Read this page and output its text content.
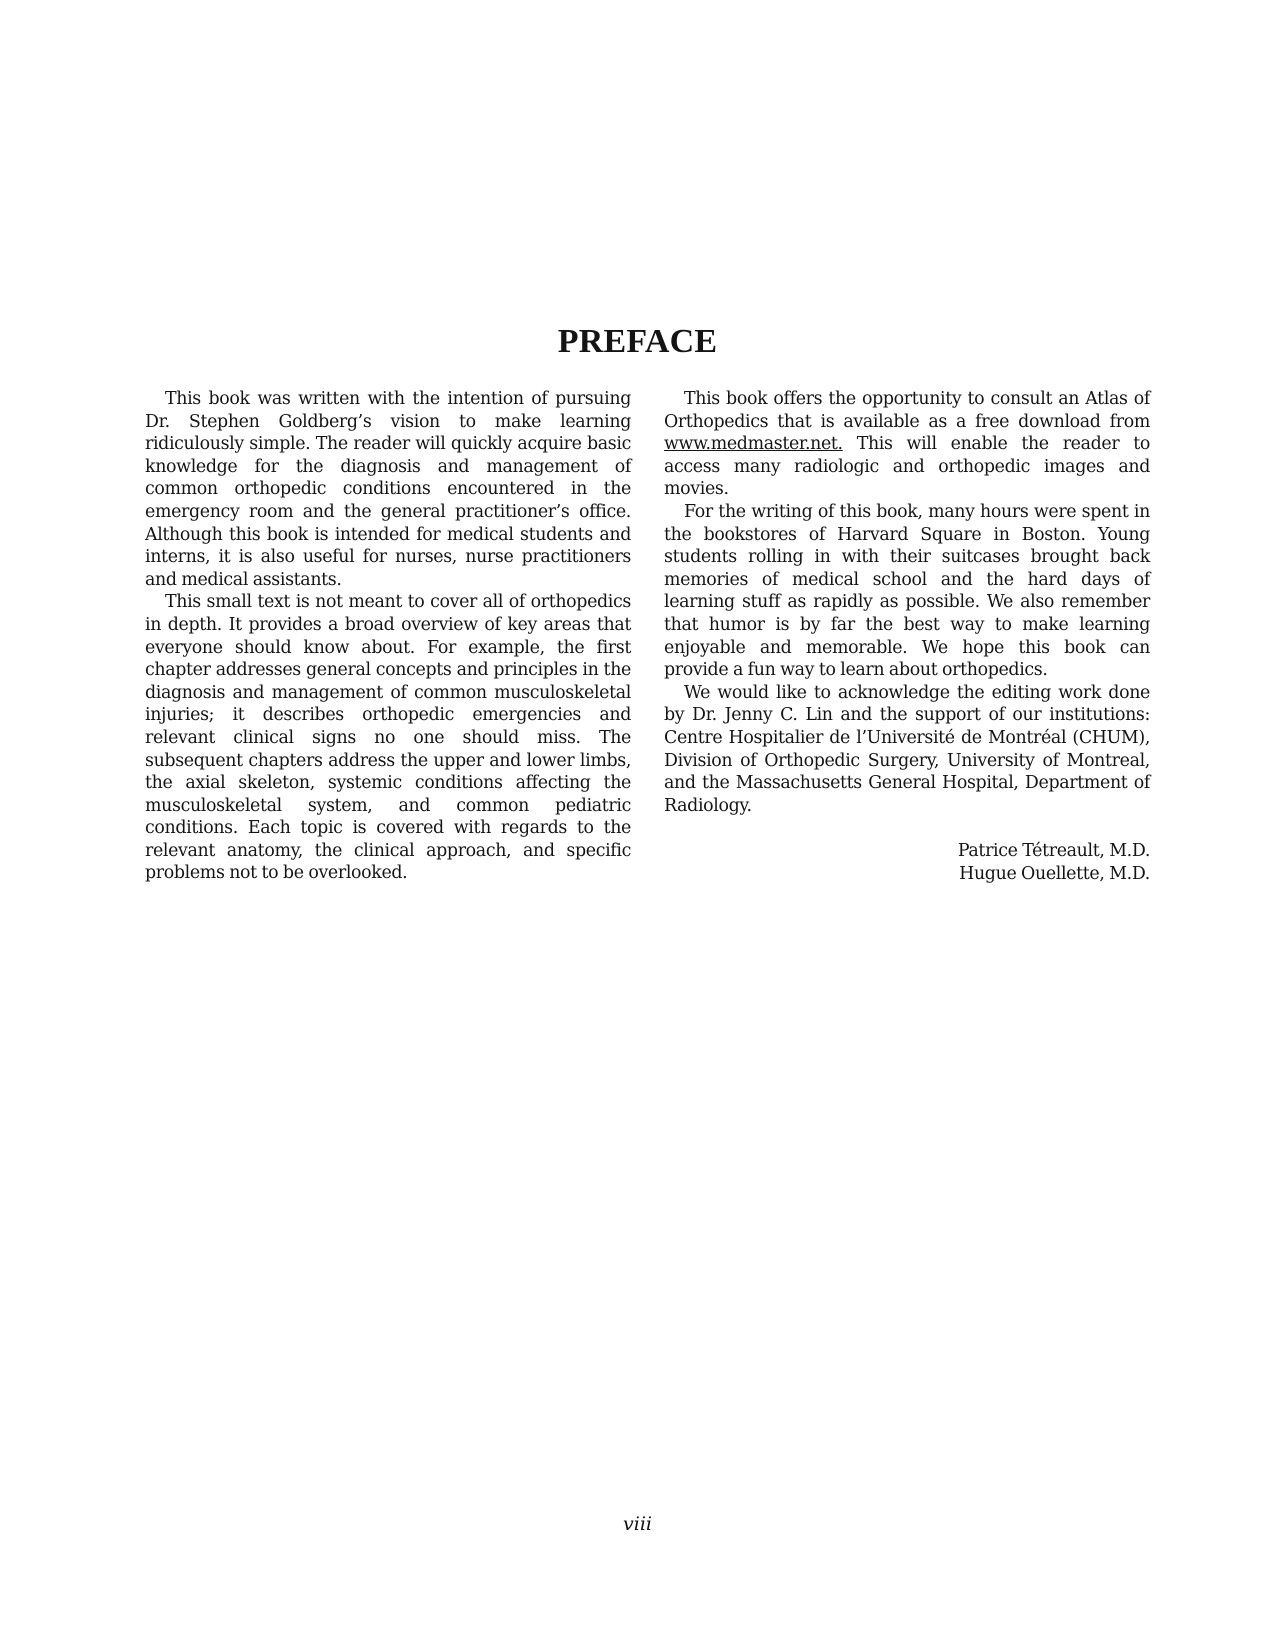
PREFACE

This book was written with the intention of pursuing Dr. Stephen Goldberg’s vision to make learning ridiculously simple. The reader will quickly acquire basic knowledge for the diagnosis and management of common orthopedic conditions encountered in the emergency room and the general practitioner’s office. Although this book is intended for medical students and interns, it is also useful for nurses, nurse practitioners and medical assistants.

This small text is not meant to cover all of orthopedics in depth. It provides a broad overview of key areas that everyone should know about. For example, the first chapter addresses general concepts and principles in the diagnosis and management of common musculoskeletal injuries; it describes orthopedic emergencies and relevant clinical signs no one should miss. The subsequent chapters address the upper and lower limbs, the axial skeleton, systemic conditions affecting the musculoskeletal system, and common pediatric conditions. Each topic is covered with regards to the relevant anatomy, the clinical approach, and specific problems not to be overlooked.

This book offers the opportunity to consult an Atlas of Orthopedics that is available as a free download from www.medmaster.net. This will enable the reader to access many radiologic and orthopedic images and movies.

For the writing of this book, many hours were spent in the bookstores of Harvard Square in Boston. Young students rolling in with their suitcases brought back memories of medical school and the hard days of learning stuff as rapidly as possible. We also remember that humor is by far the best way to make learning enjoyable and memorable. We hope this book can provide a fun way to learn about orthopedics.

We would like to acknowledge the editing work done by Dr. Jenny C. Lin and the support of our institutions: Centre Hospitalier de l’Université de Montréal (CHUM), Division of Orthopedic Surgery, University of Montreal, and the Massachusetts General Hospital, Department of Radiology.

Patrice Tétreault, M.D.
Hugue Ouellette, M.D.
viii
